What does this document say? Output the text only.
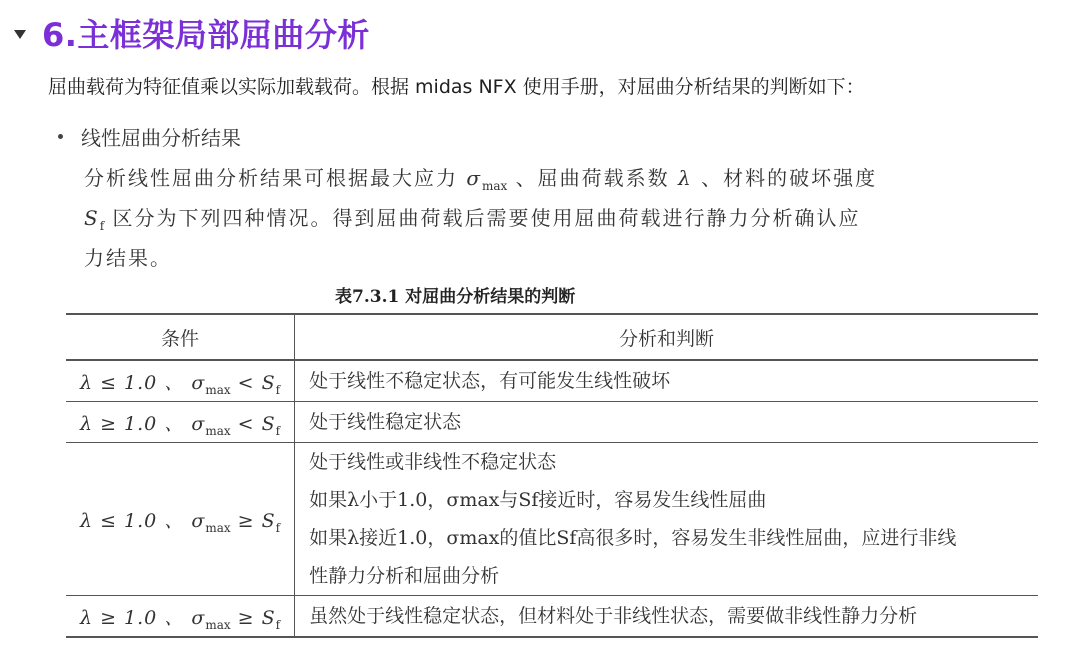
6.主框架局部屈曲分析
屈曲载荷为特征值乘以实际加载载荷。根据 midas NFX 使用手册，对屈曲分析结果的判断如下：
线性屈曲分析结果
分析线性屈曲分析结果可根据最大应力 $\sigma_{max}$ 、屈曲荷载系数 λ 、材料的破坏强度
$S_f$ 区分为下列四种情况。得到屈曲荷载后需要使用屈曲荷载进行静力分析确认应
力结果。
表7.3.1 对屈曲分析结果的判断
条件	分析和判断
λ ≤ 1.0 、 $\sigma_{max} < S_f$	处于线性不稳定状态，有可能发生线性破坏

λ ≥ 1.0 、 $\sigma_{max} < S_f$	处于线性稳定状态

λ ≤ 1.0 、 $\sigma_{max} \ge S_f$	处于线性或非线性不稳定状态
如果λ小于1.0，σmax与Sf接近时，容易发生线性屈曲
如果λ接近1.0，σmax的值比Sf高很多时，容易发生非线性屈曲，应进行非线
性静力分析和屈曲分析

λ ≥ 1.0 、 $\sigma_{max} \ge S_f$	虽然处于线性稳定状态，但材料处于非线性状态，需要做非线性静力分析
